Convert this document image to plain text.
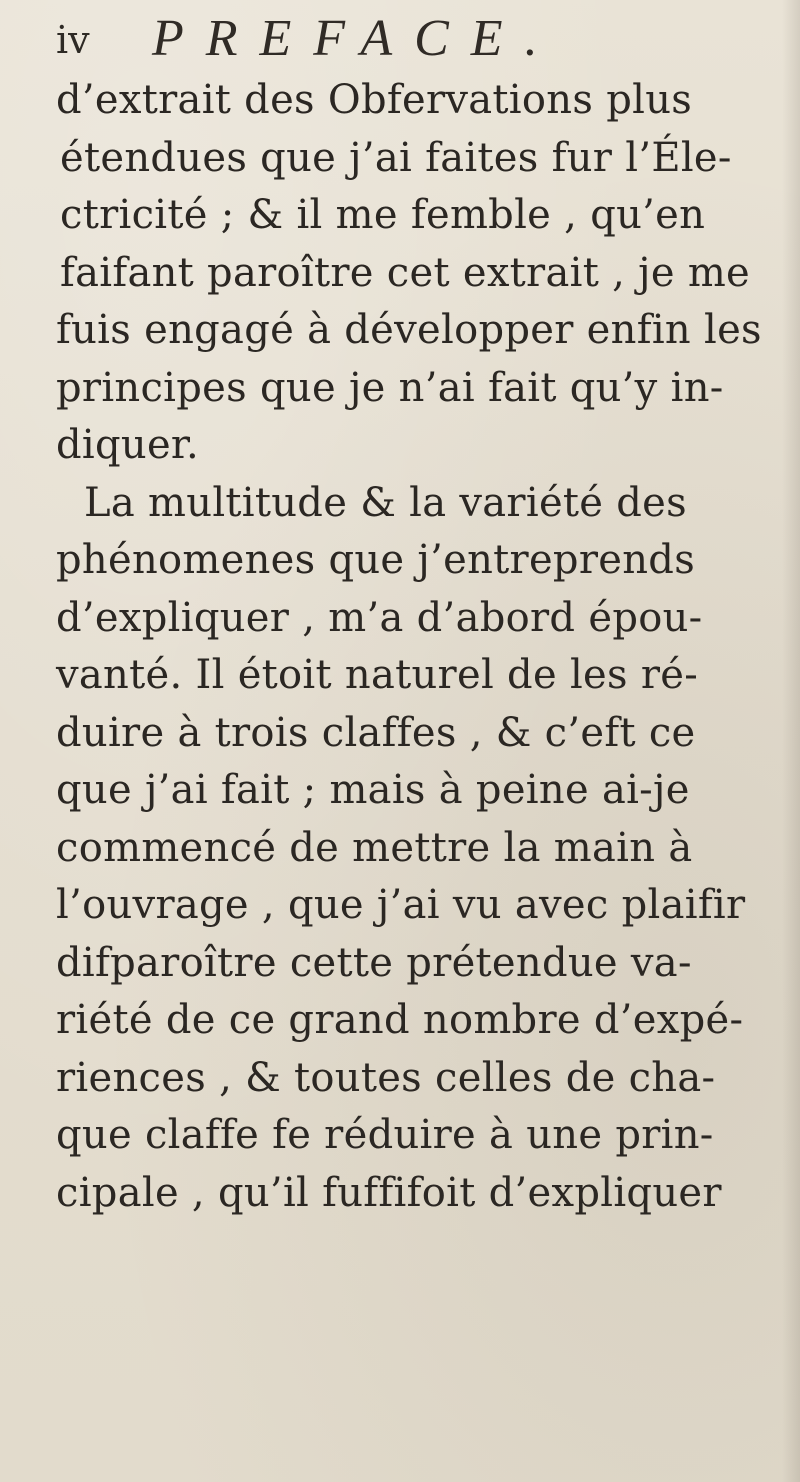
iv PREFACE.
d’extrait des Obfervations plus
étendues que j’ai faites fur l’Éle-
ctricité ; & il me femble , qu’en
faifant paroître cet extrait , je me
fuis engagé à développer enfin les
principes que je n’ai fait qu’y in-
diquer.
La multitude & la variété des
phénomenes que j’entreprends
d’expliquer , m’a d’abord épou-
vanté. Il étoit naturel de les ré-
duire à trois claffes , & c’eft ce
que j’ai fait ; mais à peine ai-je
commencé de mettre la main à
l’ouvrage , que j’ai vu avec plaifir
difparoître cette prétendue va-
riété de ce grand nombre d’expé-
riences , & toutes celles de cha-
que claffe fe réduire à une prin-
cipale , qu’il fuffifoit d’expliquer
